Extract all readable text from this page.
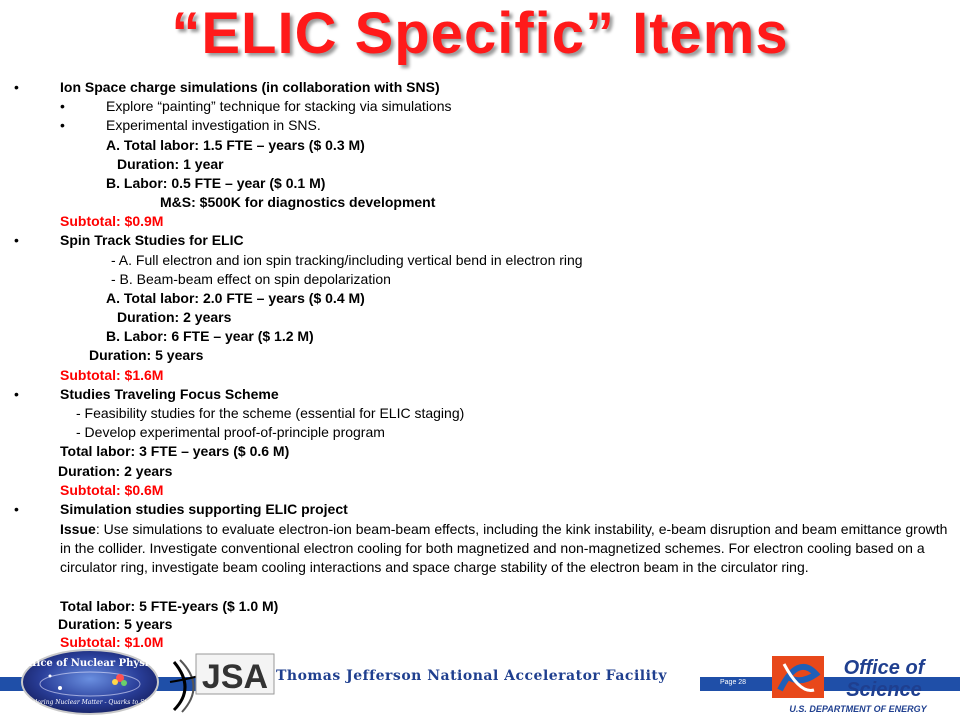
“ELIC Specific” Items
•	Ion Space charge simulations (in collaboration with SNS)
•	Explore “painting” technique for stacking via simulations
•	Experimental investigation in SNS.
A. Total labor: 1.5 FTE – years ($ 0.3 M)
Duration: 1 year
B. Labor: 0.5 FTE – year ($ 0.1 M)
M&S: $500K for diagnostics development
Subtotal: $0.9M
•	Spin Track Studies for ELIC
- A. Full electron and ion spin tracking/including vertical bend in electron ring
- B. Beam-beam effect on spin depolarization
A. Total labor: 2.0 FTE – years ($ 0.4 M)
Duration: 2 years
B. Labor: 6 FTE – year ($ 1.2 M)
Duration: 5 years
Subtotal: $1.6M
•	Studies Traveling Focus Scheme
- Feasibility studies for the scheme (essential for ELIC staging)
- Develop experimental proof-of-principle program
Total labor: 3 FTE – years ($ 0.6 M)
Duration: 2 years
Subtotal: $0.6M
•	Simulation studies supporting ELIC project
Issue: Use simulations to evaluate electron-ion beam-beam effects, including the kink instability, e-beam disruption and beam emittance growth in the collider. Investigate conventional electron cooling for both magnetized and non-magnetized schemes. For electron cooling based on a circulator ring, investigate beam cooling interactions and space charge stability of the electron beam in the circulator ring.
Total labor: 5 FTE-years ($ 1.0 M)
Duration: 5 years
Subtotal: $1.0M
Thomas Jefferson National Accelerator Facility	Page 28
Office of Nuclear Physics
Exploring Nuclear Matter - Quarks to Stars
JSA	Office of
Science
U.S. DEPARTMENT OF ENERGY
